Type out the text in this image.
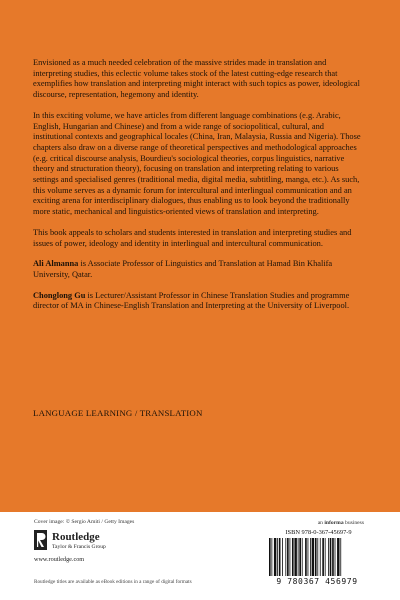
Envisioned as a much needed celebration of the massive strides made in translation and interpreting studies, this eclectic volume takes stock of the latest cutting-edge research that exemplifies how translation and interpreting might interact with such topics as power, ideological discourse, representation, hegemony and identity.

In this exciting volume, we have articles from different language combinations (e.g. Arabic, English, Hungarian and Chinese) and from a wide range of sociopolitical, cultural, and institutional contexts and geographical locales (China, Iran, Malaysia, Russia and Nigeria). Those chapters also draw on a diverse range of theoretical perspectives and methodological approaches (e.g. critical discourse analysis, Bourdieu's sociological theories, corpus linguistics, narrative theory and structuration theory), focusing on translation and interpreting relating to various settings and specialised genres (traditional media, digital media, subtitling, manga, etc.). As such, this volume serves as a dynamic forum for intercultural and interlingual communication and an exciting arena for interdisciplinary dialogues, thus enabling us to look beyond the traditionally more static, mechanical and linguistics-oriented views of translation and interpreting.

This book appeals to scholars and students interested in translation and interpreting studies and issues of power, ideology and identity in interlingual and intercultural communication.

Ali Almanna is Associate Professor of Linguistics and Translation at Hamad Bin Khalifa University, Qatar.

Chonglong Gu is Lecturer/Assistant Professor in Chinese Translation Studies and programme director of MA in Chinese-English Translation and Interpreting at the University of Liverpool.

LANGUAGE LEARNING / TRANSLATION
Cover image: © Sergio Amiti / Getty Images	an informa business
Routledge
Taylor & Francis Group
www.routledge.com
Routledge titles are available as eBook editions in a range of digital formats
ISBN 978-0-367-45697-9
9 780367 456979
